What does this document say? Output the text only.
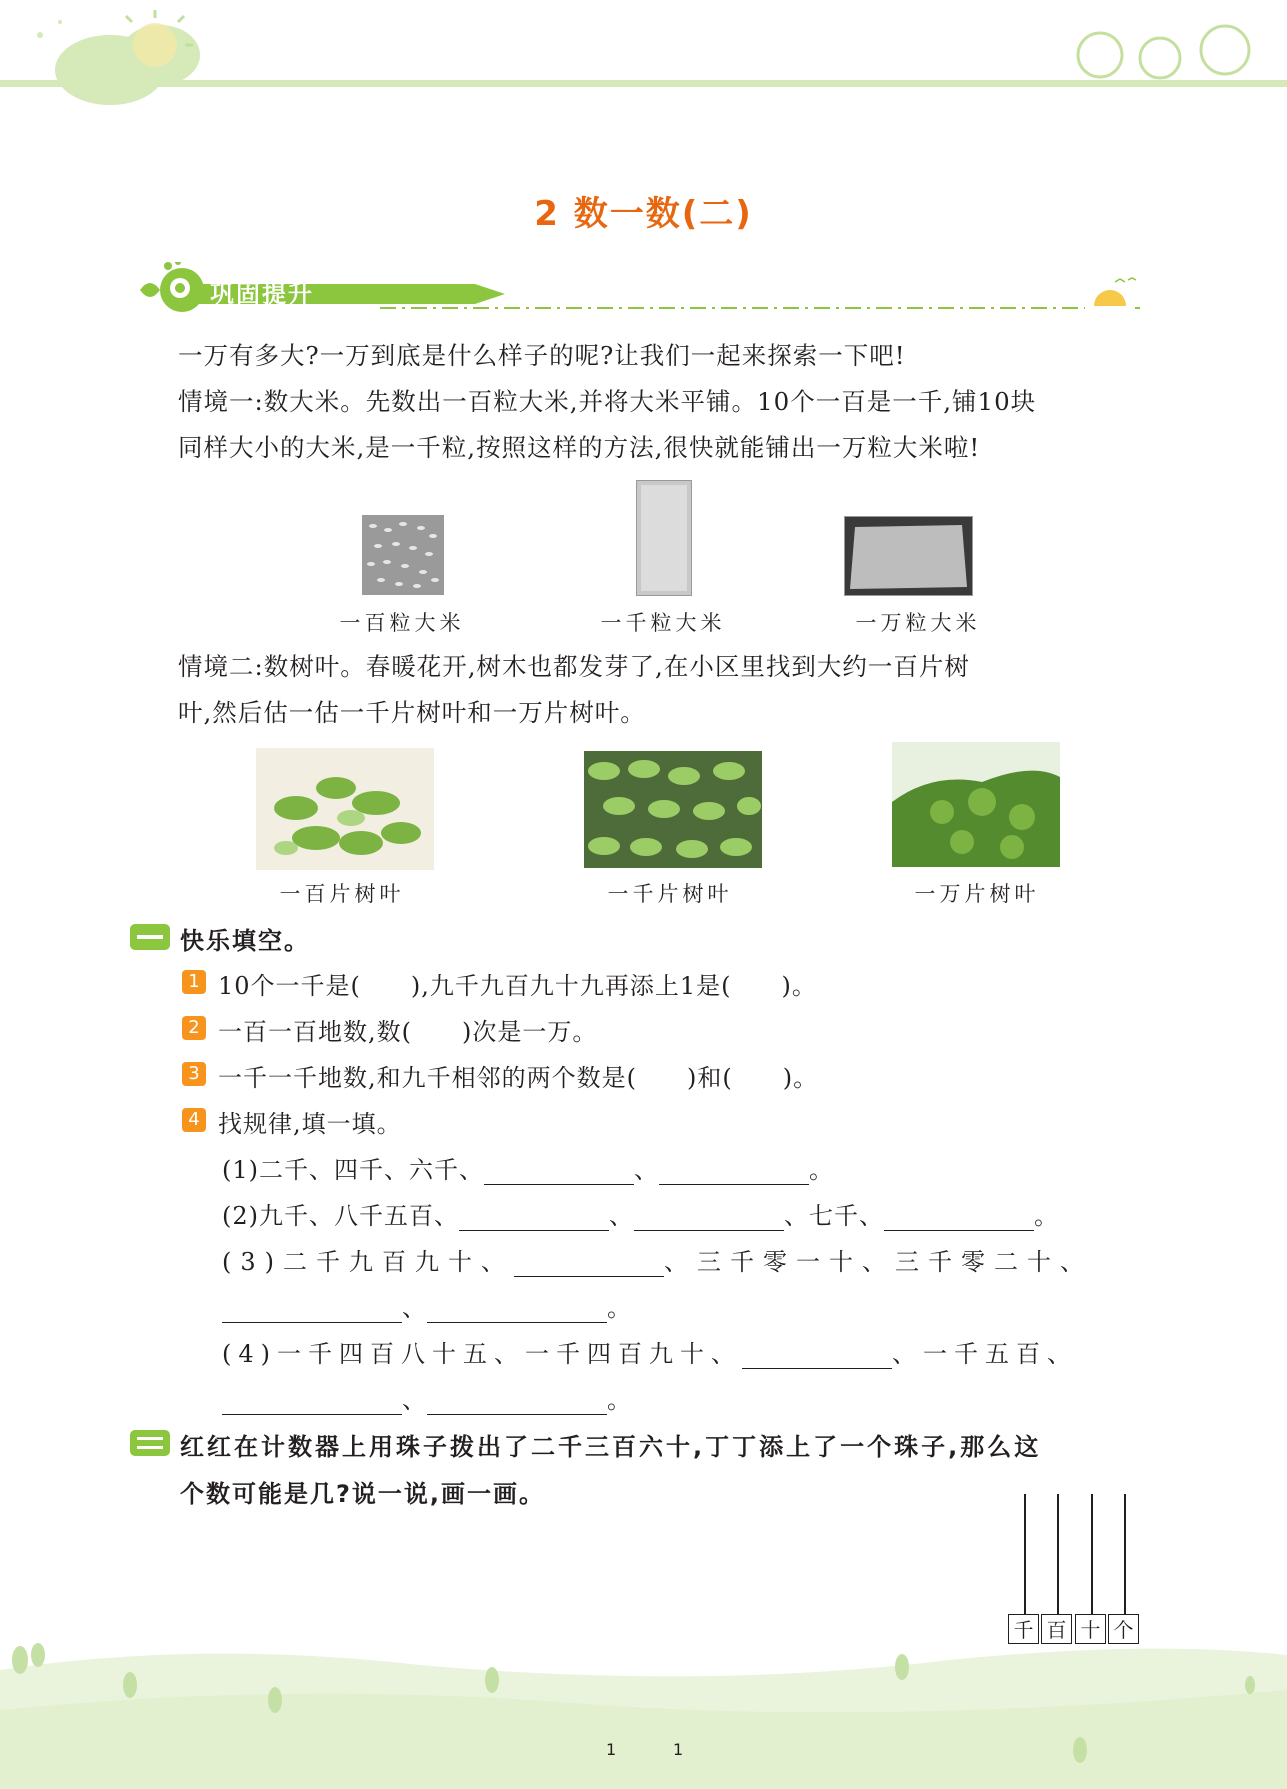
2 数一数(二)
巩固提升
一万有多大?一万到底是什么样子的呢?让我们一起来探索一下吧!
情境一:数大米。先数出一百粒大米,并将大米平铺。10个一百是一千,铺10块
同样大小的大米,是一千粒,按照这样的方法,很快就能铺出一万粒大米啦!
一百粒大米	一千粒大米	一万粒大米
情境二:数树叶。春暖花开,树木也都发芽了,在小区里找到大约一百片树
叶,然后估一估一千片树叶和一万片树叶。
一百片树叶	一千片树叶	一万片树叶
快乐填空。
1 10个一千是( ),九千九百九十九再添上1是( )。
2 一百一百地数,数( )次是一万。
3 一千一千地数,和九千相邻的两个数是( )和( )。
4 找规律,填一填。
(1)二千、四千、六千、	、	。
(2)九千、八千五百、	、	、七千、	。
(3)二千九百九十、	、三千零一十、三千零二十、
、	。
(4)一千四百八十五、一千四百九十、	、一千五百、
、	。
红红在计数器上用珠子拨出了二千三百六十,丁丁添上了一个珠子,那么这
个数可能是几?说一说,画一画。
千 百 十 个
1	1
